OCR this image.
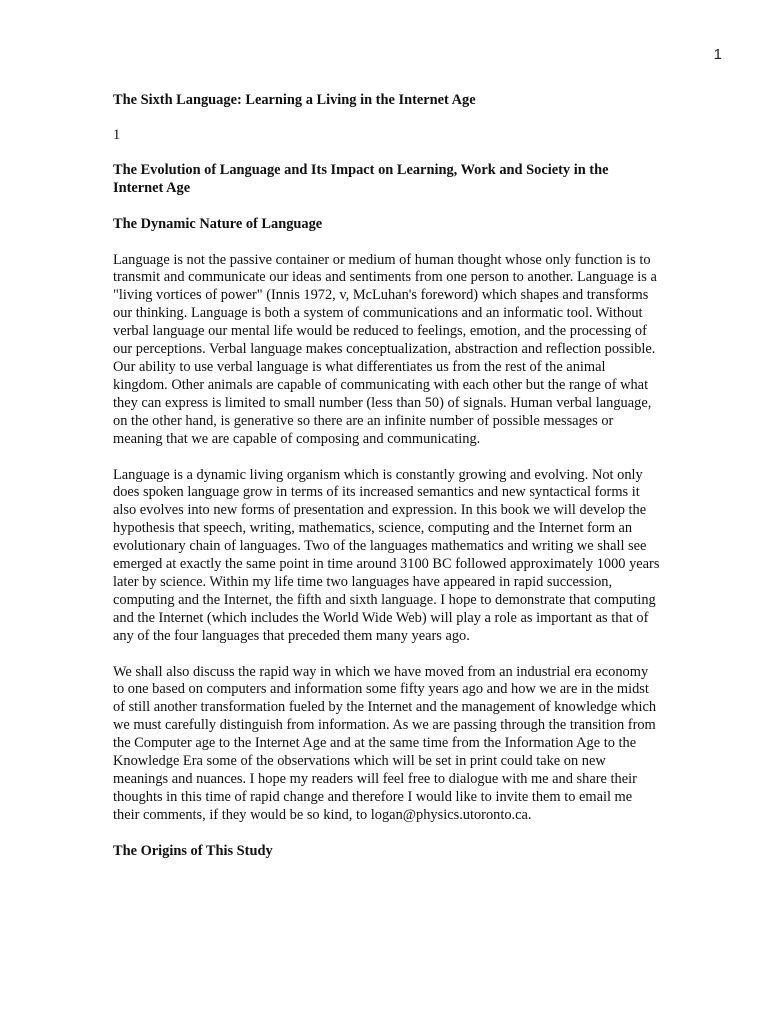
1
The Sixth Language: Learning a Living in the Internet Age
1
The Evolution of Language and Its Impact on Learning, Work and Society in the Internet Age
The Dynamic Nature of Language

Language is not the passive container or medium of human thought whose only function is to transmit and communicate our ideas and sentiments from one person to another. Language is a "living vortices of power" (Innis 1972, v, McLuhan's foreword) which shapes and transforms our thinking. Language is both a system of communications and an informatic tool. Without verbal language our mental life would be reduced to feelings, emotion, and the processing of our perceptions. Verbal language makes conceptualization, abstraction and reflection possible. Our ability to use verbal language is what differentiates us from the rest of the animal kingdom. Other animals are capable of communicating with each other but the range of what they can express is limited to small number (less than 50) of signals. Human verbal language, on the other hand, is generative so there are an infinite number of possible messages or meaning that we are capable of composing and communicating.

Language is a dynamic living organism which is constantly growing and evolving. Not only does spoken language grow in terms of its increased semantics and new syntactical forms it also evolves into new forms of presentation and expression. In this book we will develop the hypothesis that speech, writing, mathematics, science, computing and the Internet form an evolutionary chain of languages. Two of the languages mathematics and writing we shall see emerged at exactly the same point in time around 3100 BC followed approximately 1000 years later by science. Within my life time two languages have appeared in rapid succession, computing and the Internet, the fifth and sixth language. I hope to demonstrate that computing and the Internet (which includes the World Wide Web) will play a role as important as that of any of the four languages that preceded them many years ago.

We shall also discuss the rapid way in which we have moved from an industrial era economy to one based on computers and information some fifty years ago and how we are in the midst of still another transformation fueled by the Internet and the management of knowledge which we must carefully distinguish from information. As we are passing through the transition from the Computer age to the Internet Age and at the same time from the Information Age to the Knowledge Era some of the observations which will be set in print could take on new meanings and nuances. I hope my readers will feel free to dialogue with me and share their thoughts in this time of rapid change and therefore I would like to invite them to email me their comments, if they would be so kind, to logan@physics.utoronto.ca.

The Origins of This Study
